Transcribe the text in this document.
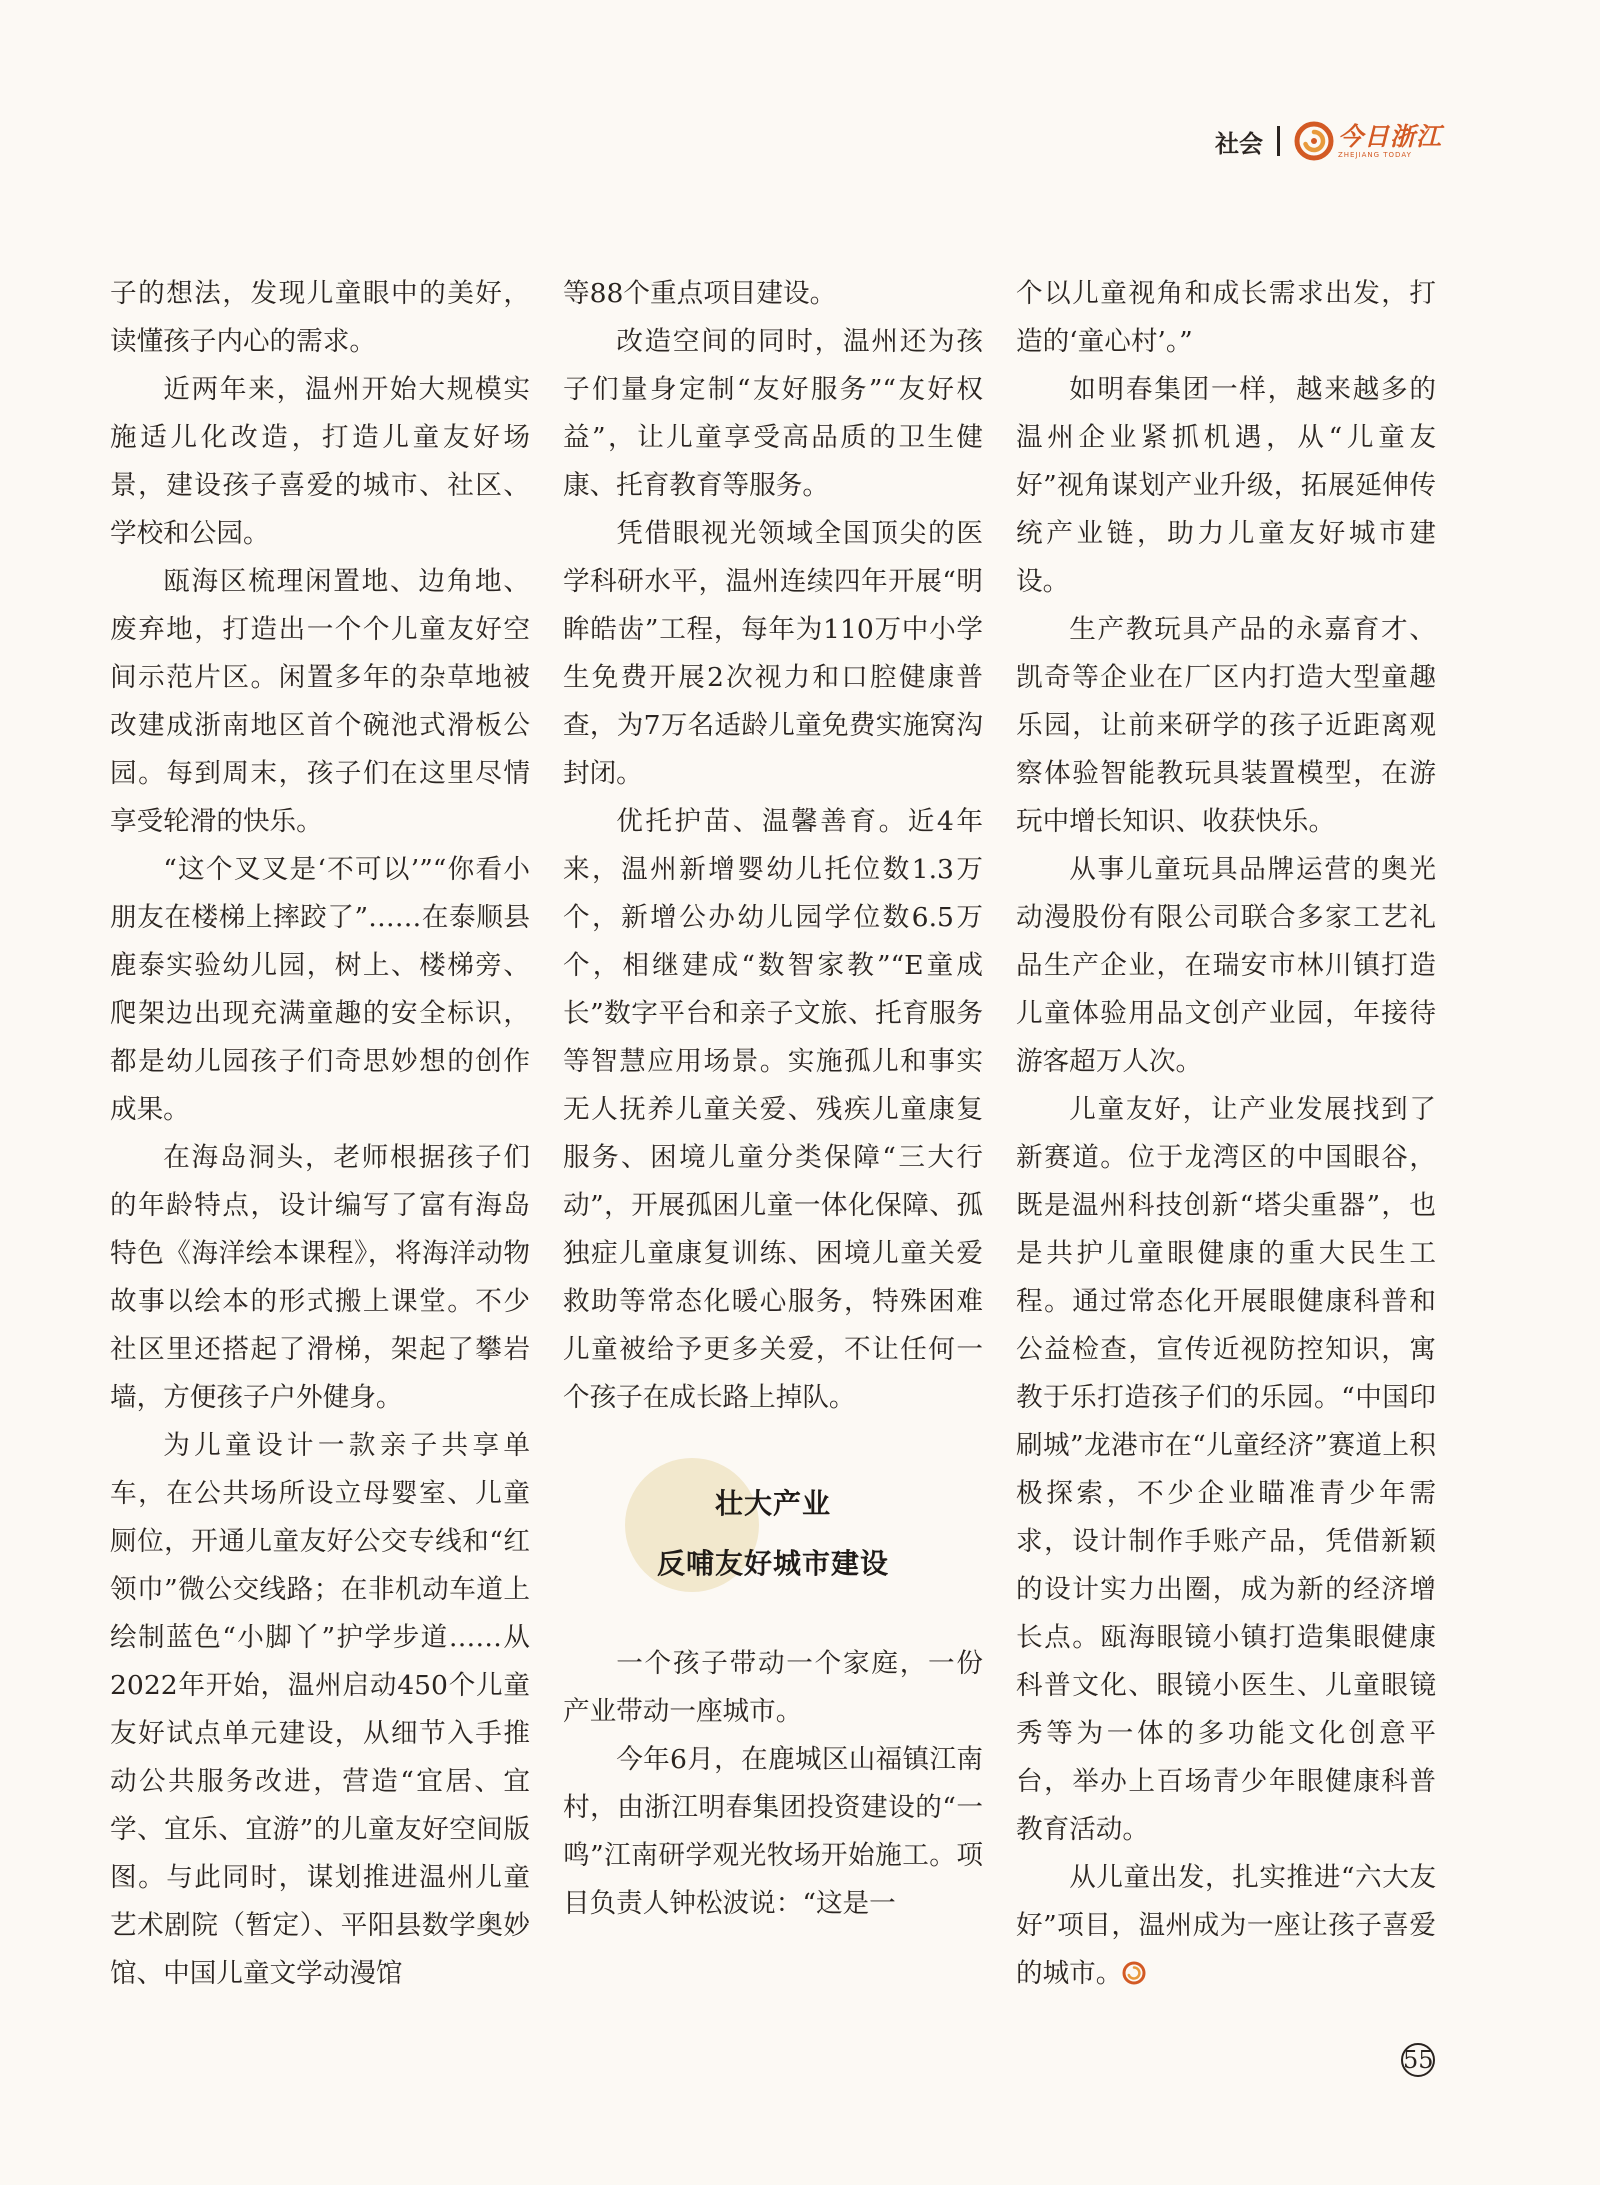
社会	今日浙江
ZHEJIANG TODAY

子的想法，发现儿童眼中的美好，读懂孩子内心的需求。

近两年来，温州开始大规模实施适儿化改造，打造儿童友好场景，建设孩子喜爱的城市、社区、学校和公园。

瓯海区梳理闲置地、边角地、废弃地，打造出一个个儿童友好空间示范片区。闲置多年的杂草地被改建成浙南地区首个碗池式滑板公园。每到周末，孩子们在这里尽情享受轮滑的快乐。

“这个叉叉是‘不可以’”“你看小朋友在楼梯上摔跤了”……在泰顺县鹿泰实验幼儿园，树上、楼梯旁、爬架边出现充满童趣的安全标识，都是幼儿园孩子们奇思妙想的创作成果。

在海岛洞头，老师根据孩子们的年龄特点，设计编写了富有海岛特色《海洋绘本课程》，将海洋动物故事以绘本的形式搬上课堂。不少社区里还搭起了滑梯，架起了攀岩墙，方便孩子户外健身。

为儿童设计一款亲子共享单车，在公共场所设立母婴室、儿童厕位，开通儿童友好公交专线和“红领巾”微公交线路；在非机动车道上绘制蓝色“小脚丫”护学步道……从2022年开始，温州启动450个儿童友好试点单元建设，从细节入手推动公共服务改进，营造“宜居、宜学、宜乐、宜游”的儿童友好空间版图。与此同时，谋划推进温州儿童艺术剧院（暂定）、平阳县数学奥妙馆、中国儿童文学动漫馆

等88个重点项目建设。

改造空间的同时，温州还为孩子们量身定制“友好服务”“友好权益”，让儿童享受高品质的卫生健康、托育教育等服务。

凭借眼视光领域全国顶尖的医学科研水平，温州连续四年开展“明眸皓齿”工程，每年为110万中小学生免费开展2次视力和口腔健康普查，为7万名适龄儿童免费实施窝沟封闭。

优托护苗、温馨善育。近4年来，温州新增婴幼儿托位数1.3万个，新增公办幼儿园学位数6.5万个，相继建成“数智家教”“E童成长”数字平台和亲子文旅、托育服务等智慧应用场景。实施孤儿和事实无人抚养儿童关爱、残疾儿童康复服务、困境儿童分类保障“三大行动”，开展孤困儿童一体化保障、孤独症儿童康复训练、困境儿童关爱救助等常态化暖心服务，特殊困难儿童被给予更多关爱，不让任何一个孩子在成长路上掉队。

壮大产业
反哺友好城市建设

一个孩子带动一个家庭，一份产业带动一座城市。

今年6月，在鹿城区山福镇江南村，由浙江明春集团投资建设的“一鸣”江南研学观光牧场开始施工。项目负责人钟松波说：“这是一

个以儿童视角和成长需求出发，打造的‘童心村’。”

如明春集团一样，越来越多的温州企业紧抓机遇，从“儿童友好”视角谋划产业升级，拓展延伸传统产业链，助力儿童友好城市建设。

生产教玩具产品的永嘉育才、凯奇等企业在厂区内打造大型童趣乐园，让前来研学的孩子近距离观察体验智能教玩具装置模型，在游玩中增长知识、收获快乐。

从事儿童玩具品牌运营的奥光动漫股份有限公司联合多家工艺礼品生产企业，在瑞安市林川镇打造儿童体验用品文创产业园，年接待游客超万人次。

儿童友好，让产业发展找到了新赛道。位于龙湾区的中国眼谷，既是温州科技创新“塔尖重器”，也是共护儿童眼健康的重大民生工程。通过常态化开展眼健康科普和公益检查，宣传近视防控知识，寓教于乐打造孩子们的乐园。“中国印刷城”龙港市在“儿童经济”赛道上积极探索，不少企业瞄准青少年需求，设计制作手账产品，凭借新颖的设计实力出圈，成为新的经济增长点。瓯海眼镜小镇打造集眼健康科普文化、眼镜小医生、儿童眼镜秀等为一体的多功能文化创意平台，举办上百场青少年眼健康科普教育活动。

从儿童出发，扎实推进“六大友好”项目，温州成为一座让孩子喜爱的城市。

55
